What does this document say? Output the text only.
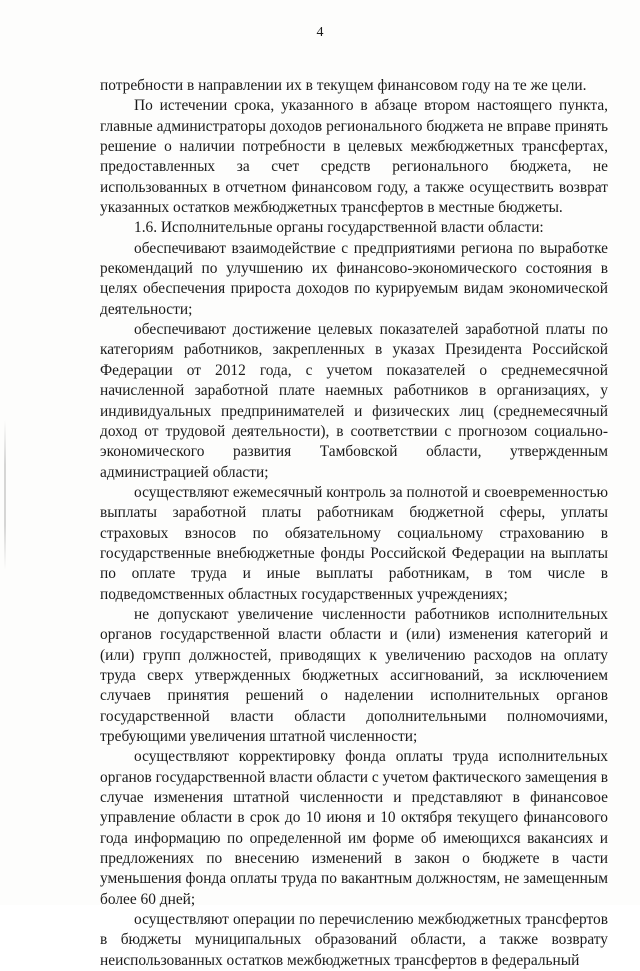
4

потребности в направлении их в текущем финансовом году на те же цели.

По истечении срока, указанного в абзаце втором настоящего пункта, главные администраторы доходов регионального бюджета не вправе принять решение о наличии потребности в целевых межбюджетных трансфертах, предоставленных за счет средств регионального бюджета, не использованных в отчетном финансовом году, а также осуществить возврат указанных остатков межбюджетных трансфертов в местные бюджеты.

1.6. Исполнительные органы государственной власти области:

обеспечивают взаимодействие с предприятиями региона по выработке рекомендаций по улучшению их финансово-экономического состояния в целях обеспечения прироста доходов по курируемым видам экономической деятельности;

обеспечивают достижение целевых показателей заработной платы по категориям работников, закрепленных в указах Президента Российской Федерации от 2012 года, с учетом показателей о среднемесячной начисленной заработной плате наемных работников в организациях, у индивидуальных предпринимателей и физических лиц (среднемесячный доход от трудовой деятельности), в соответствии с прогнозом социально-экономического развития Тамбовской области, утвержденным администрацией области;

осуществляют ежемесячный контроль за полнотой и своевременностью выплаты заработной платы работникам бюджетной сферы, уплаты страховых взносов по обязательному социальному страхованию в государственные внебюджетные фонды Российской Федерации на выплаты по оплате труда и иные выплаты работникам, в том числе в подведомственных областных государственных учреждениях;

не допускают увеличение численности работников исполнительных органов государственной власти области и (или) изменения категорий и (или) групп должностей, приводящих к увеличению расходов на оплату труда сверх утвержденных бюджетных ассигнований, за исключением случаев принятия решений о наделении исполнительных органов государственной власти области дополнительными полномочиями, требующими увеличения штатной численности;

осуществляют корректировку фонда оплаты труда исполнительных органов государственной власти области с учетом фактического замещения в случае изменения штатной численности и представляют в финансовое управление области в срок до 10 июня и 10 октября текущего финансового года информацию по определенной им форме об имеющихся вакансиях и предложениях по внесению изменений в закон о бюджете в части уменьшения фонда оплаты труда по вакантным должностям, не замещенным более 60 дней;

осуществляют операции по перечислению межбюджетных трансфертов в бюджеты муниципальных образований области, а также возврату неиспользованных остатков межбюджетных трансфертов в федеральный
